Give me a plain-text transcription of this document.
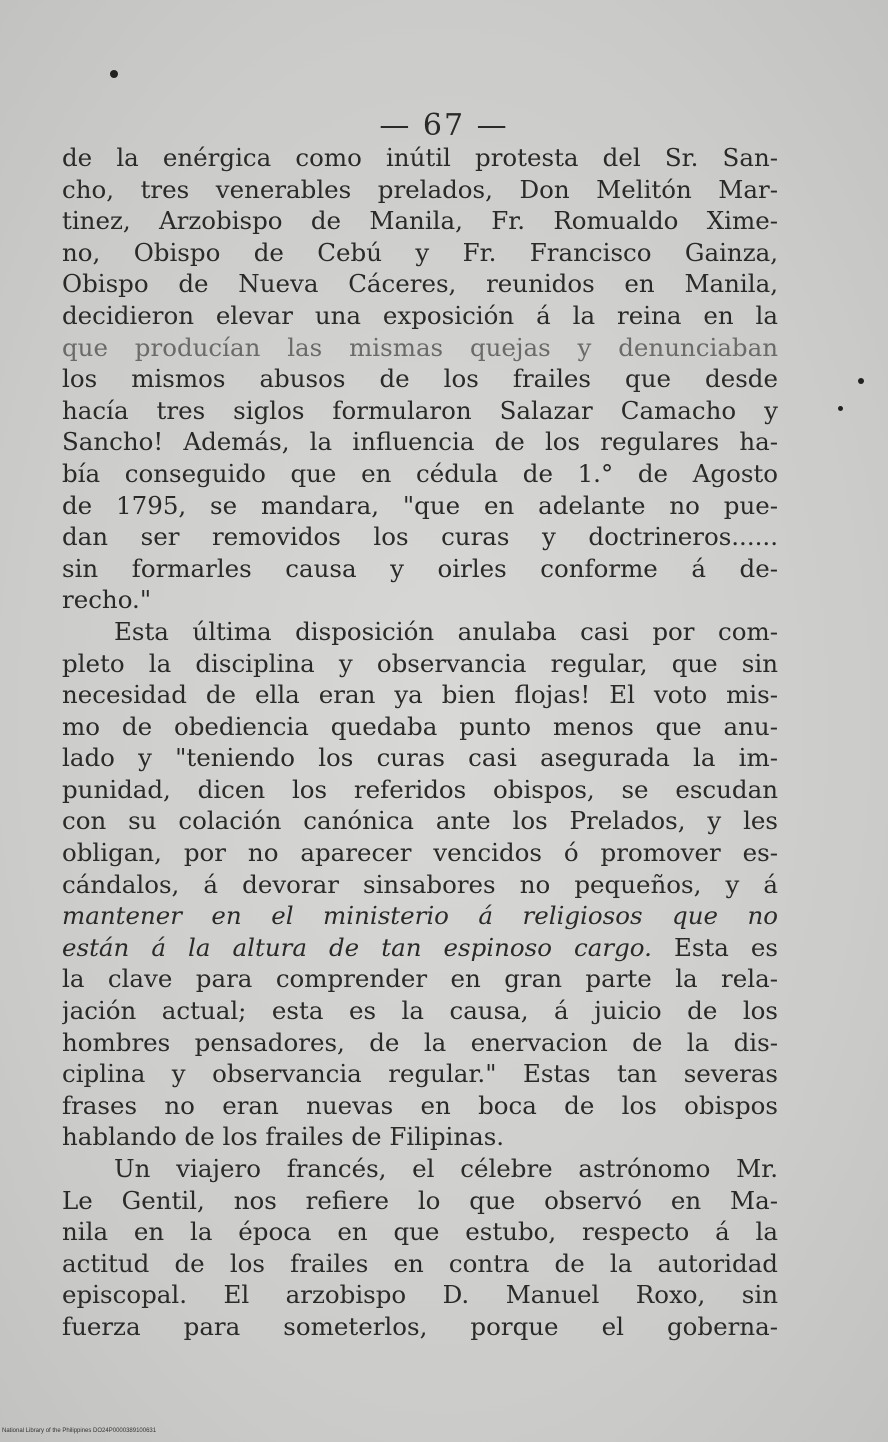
— 67 —
de la enérgica como inútil protesta del Sr. San-
cho, tres venerables prelados, Don Melitón Mar-
tinez, Arzobispo de Manila, Fr. Romualdo Xime-
no, Obispo de Cebú y Fr. Francisco Gainza,
Obispo de Nueva Cáceres, reunidos en Manila,
decidieron elevar una exposición á la reina en la
que producían las mismas quejas y denunciaban
los mismos abusos de los frailes que desde
hacía tres siglos formularon Salazar Camacho y
Sancho! Además, la influencia de los regulares ha-
bía conseguido que en cédula de 1.° de Agosto
de 1795, se mandara, "que en adelante no pue-
dan ser removidos los curas y doctrineros......
sin formarles causa y oirles conforme á de-
recho."
Esta última disposición anulaba casi por com-
pleto la disciplina y observancia regular, que sin
necesidad de ella eran ya bien flojas! El voto mis-
mo de obediencia quedaba punto menos que anu-
lado y "teniendo los curas casi asegurada la im-
punidad, dicen los referidos obispos, se escudan
con su colación canónica ante los Prelados, y les
obligan, por no aparecer vencidos ó promover es-
cándalos, á devorar sinsabores no pequeños, y á
mantener en el ministerio á religiosos que no
están á la altura de tan espinoso cargo. Esta es
la clave para comprender en gran parte la rela-
jación actual; esta es la causa, á juicio de los
hombres pensadores, de la enervacion de la dis-
ciplina y observancia regular." Estas tan severas
frases no eran nuevas en boca de los obispos
hablando de los frailes de Filipinas.
Un viajero francés, el célebre astrónomo Mr.
Le Gentil, nos refiere lo que observó en Ma-
nila en la época en que estubo, respecto á la
actitud de los frailes en contra de la autoridad
episcopal. El arzobispo D. Manuel Roxo, sin
fuerza para someterlos, porque el goberna-
National Library of the Philippines DO24P0000389100631
